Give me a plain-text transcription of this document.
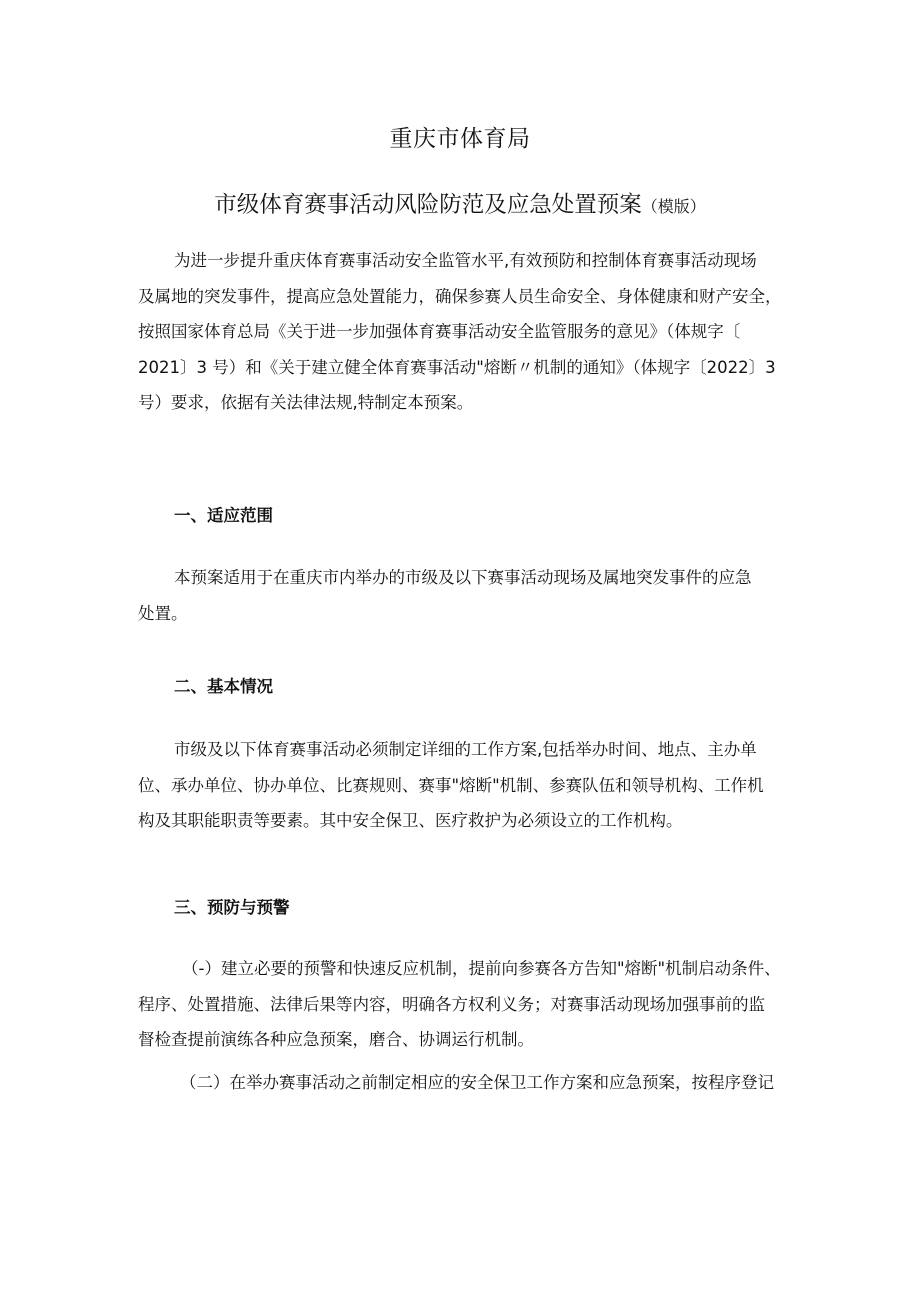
重庆市体育局
市级体育赛事活动风险防范及应急处置预案（模版）

为进一步提升重庆体育赛事活动安全监管水平,有效预防和控制体育赛事活动现场
及属地的突发事件，提高应急处置能力，确保参赛人员生命安全、身体健康和财产安全，
按照国家体育总局《关于进一步加强体育赛事活动安全监管服务的意见》（体规字〔
2021〕3 号）和《关于建立健全体育赛事活动"熔断〃机制的通知》（体规字〔2022〕3
号）要求，依据有关法律法规,特制定本预案。

一、适应范围

本预案适用于在重庆市内举办的市级及以下赛事活动现场及属地突发事件的应急
处置。

二、基本情况

市级及以下体育赛事活动必须制定详细的工作方案,包括举办时间、地点、主办单
位、承办单位、协办单位、比赛规则、赛事"熔断"机制、参赛队伍和领导机构、工作机
构及其职能职责等要素。其中安全保卫、医疗救护为必须设立的工作机构。

三、预防与预警

（-）建立必要的预警和快速反应机制，提前向参赛各方告知"熔断"机制启动条件、
程序、处置措施、法律后果等内容，明确各方权利义务；对赛事活动现场加强事前的监
督检查提前演练各种应急预案，磨合、协调运行机制。

（二）在举办赛事活动之前制定相应的安全保卫工作方案和应急预案，按程序登记
